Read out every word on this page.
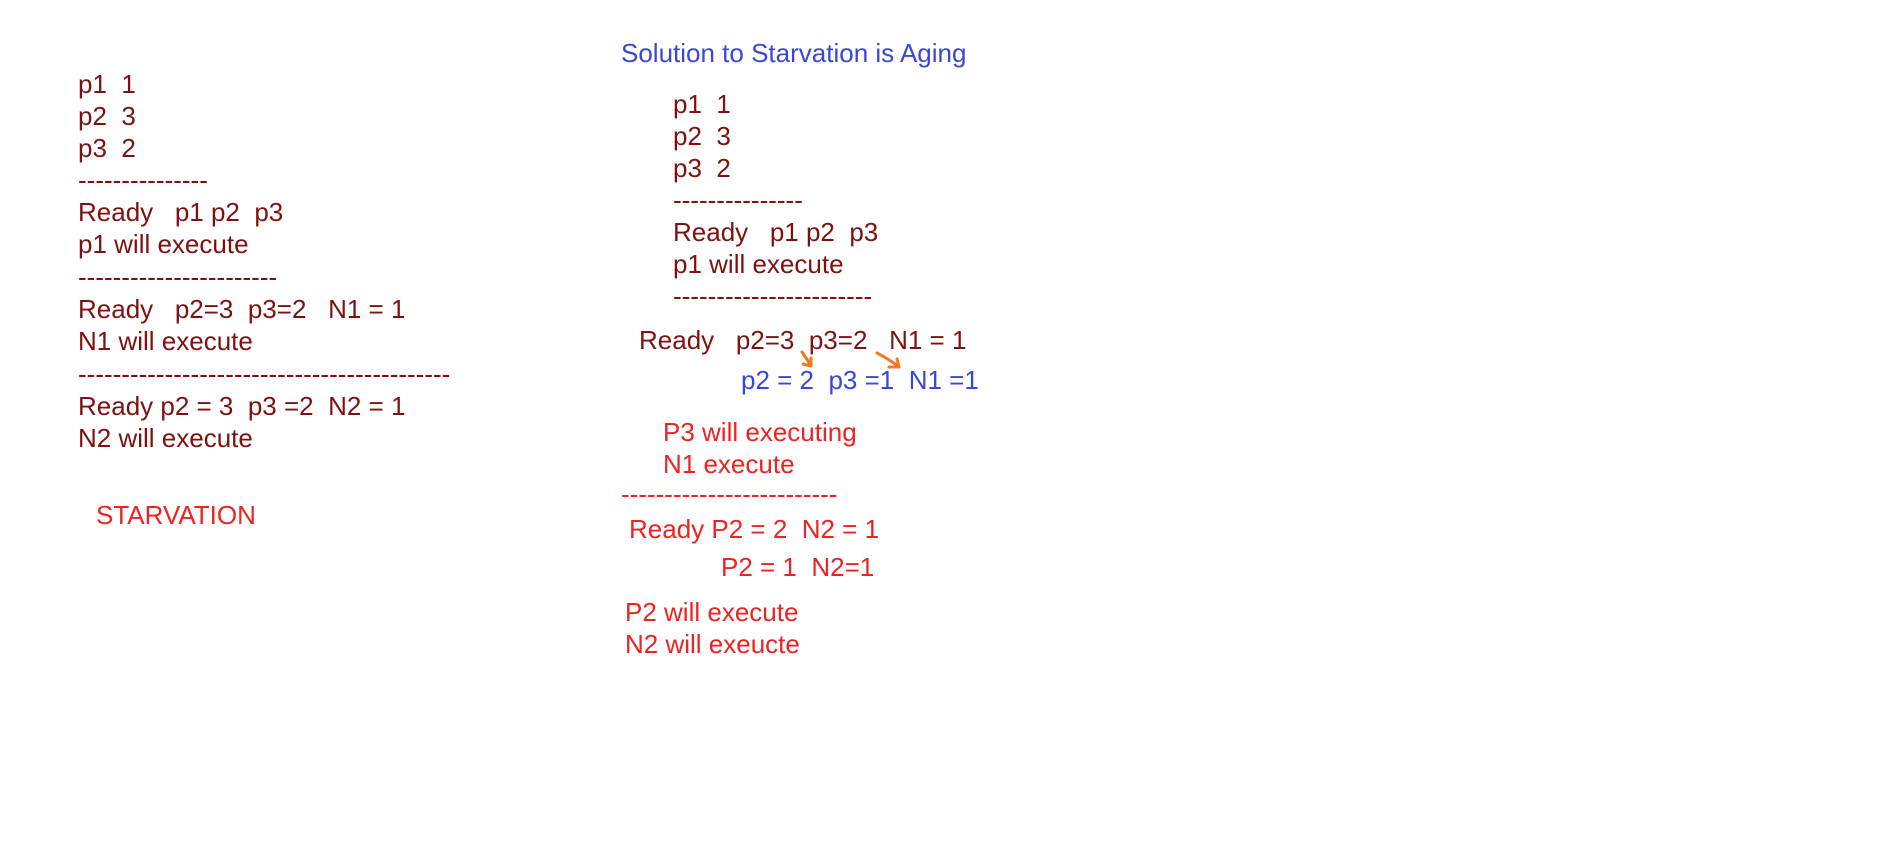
p1  1
p2  3
p3  2
---------------
Ready   p1 p2  p3
p1 will execute
-----------------------
Ready   p2=3  p3=2   N1 = 1
N1 will execute
-------------------------------------------
Ready p2 = 3  p3 =2  N2 = 1
N2 will execute
STARVATION
Solution to Starvation is Aging
p1  1
p2  3
p3  2
---------------
Ready   p1 p2  p3
p1 will execute
-----------------------
Ready   p2=3  p3=2   N1 = 1
p2 = 2  p3 =1  N1 =1
P3 will executing
N1 execute
-------------------------
Ready P2 = 2  N2 = 1
P2 = 1  N2=1
P2 will execute
N2 will exeucte
